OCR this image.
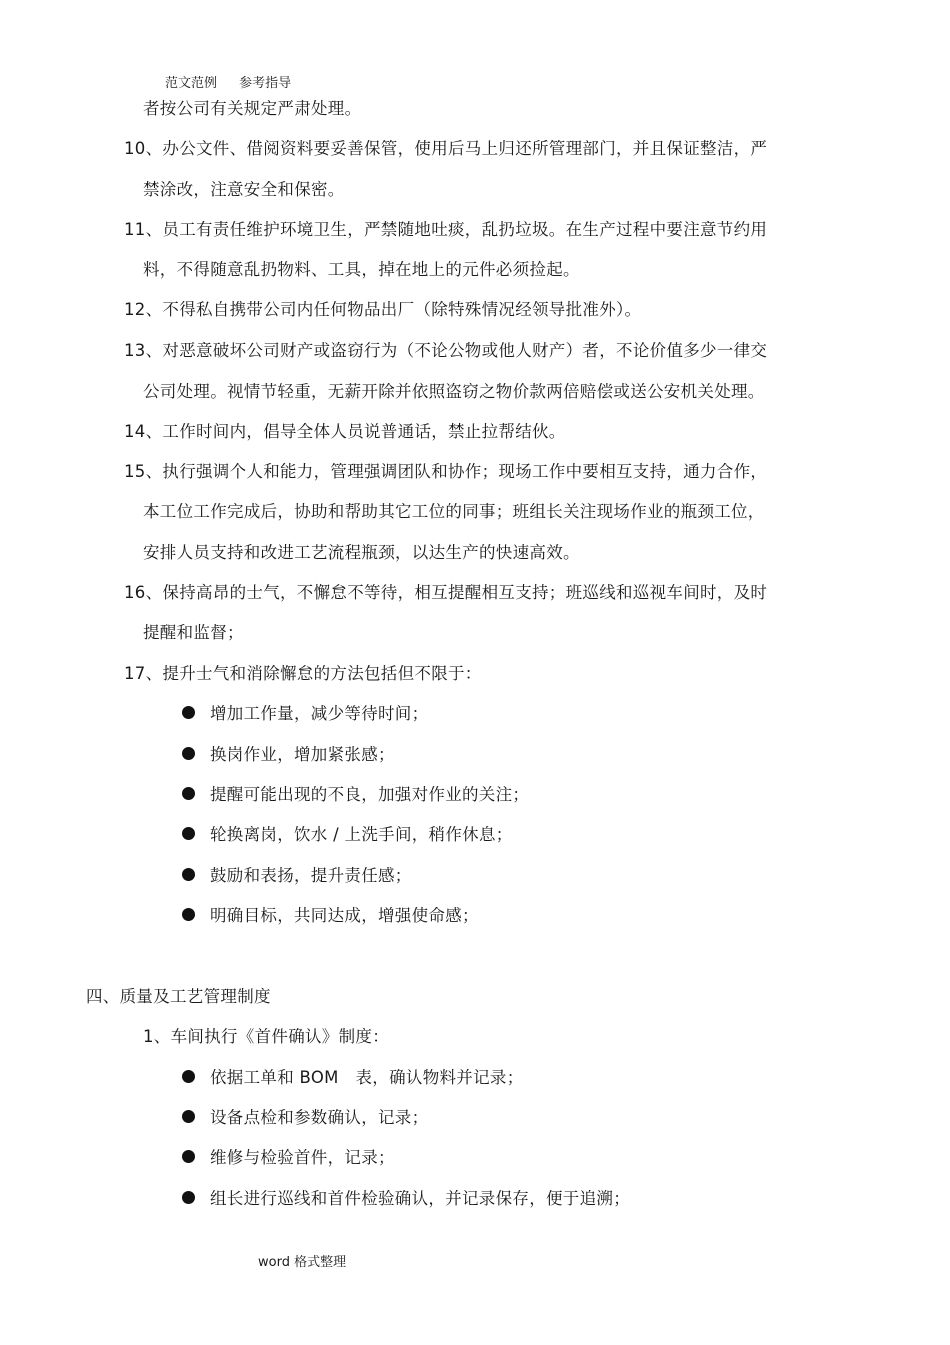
范文范例 参考指导
者按公司有关规定严肃处理。
10、办公文件、借阅资料要妥善保管，使用后马上归还所管理部门，并且保证整洁，严
禁涂改，注意安全和保密。
11、员工有责任维护环境卫生，严禁随地吐痰，乱扔垃圾。在生产过程中要注意节约用
料，不得随意乱扔物料、工具，掉在地上的元件必须捡起。
12、不得私自携带公司内任何物品出厂（除特殊情况经领导批准外）。
13、对恶意破坏公司财产或盗窃行为（不论公物或他人财产）者，不论价值多少一律交
公司处理。视情节轻重，无薪开除并依照盗窃之物价款两倍赔偿或送公安机关处理。
14、工作时间内，倡导全体人员说普通话，禁止拉帮结伙。
15、执行强调个人和能力，管理强调团队和协作；现场工作中要相互支持，通力合作，
本工位工作完成后，协助和帮助其它工位的同事；班组长关注现场作业的瓶颈工位，
安排人员支持和改进工艺流程瓶颈，以达生产的快速高效。
16、保持高昂的士气，不懈怠不等待，相互提醒相互支持；班巡线和巡视车间时，及时
提醒和监督；
17、提升士气和消除懈怠的方法包括但不限于：
增加工作量，减少等待时间；
换岗作业，增加紧张感；
提醒可能出现的不良，加强对作业的关注；
轮换离岗，饮水 / 上洗手间，稍作休息；
鼓励和表扬，提升责任感；
明确目标，共同达成，增强使命感；
四、质量及工艺管理制度
1、车间执行《首件确认》制度：
依据工单和 BOM　表，确认物料并记录；
设备点检和参数确认，记录；
维修与检验首件，记录；
组长进行巡线和首件检验确认，并记录保存，便于追溯；
word 格式整理
